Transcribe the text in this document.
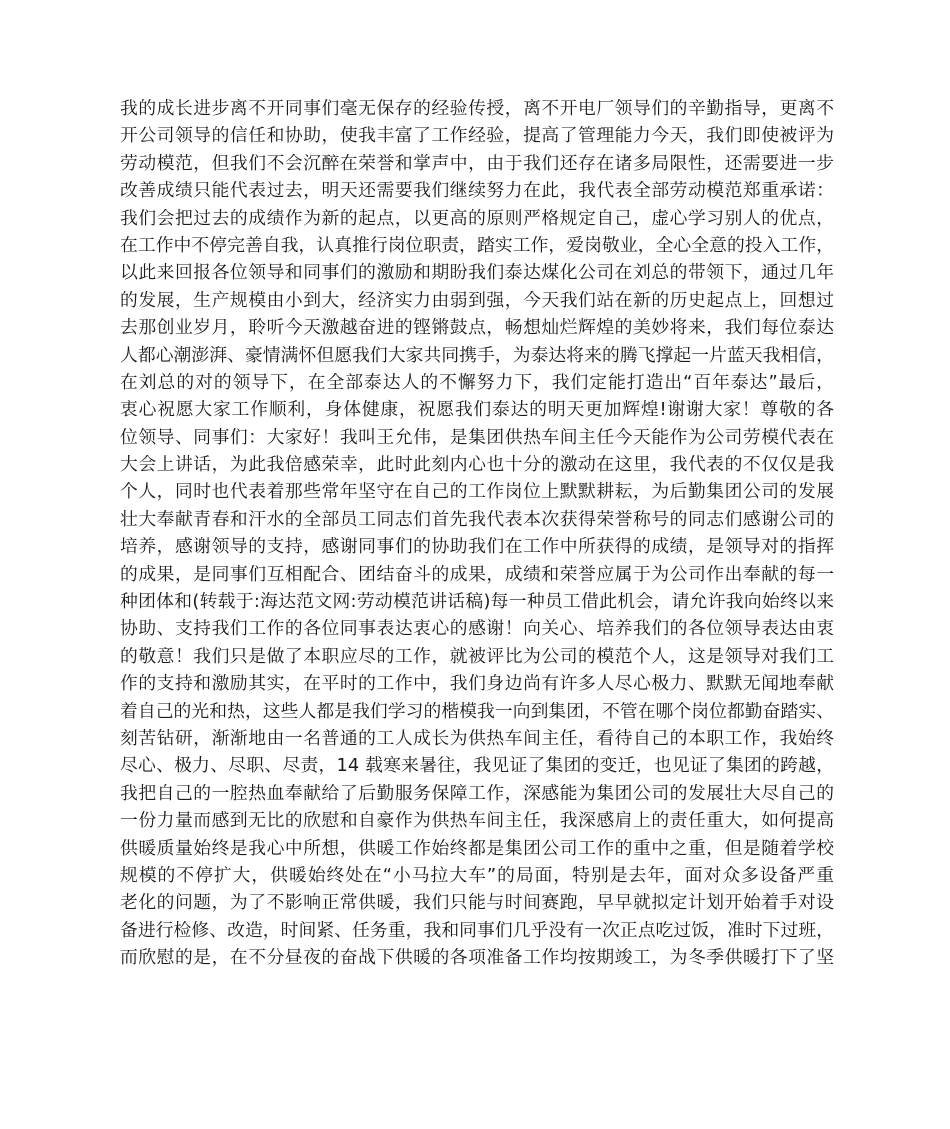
我的成长进步离不开同事们毫无保存的经验传授，离不开电厂领导们的辛勤指导，更离不
开公司领导的信任和协助，使我丰富了工作经验，提高了管理能力今天，我们即使被评为
劳动模范，但我们不会沉醉在荣誉和掌声中，由于我们还存在诸多局限性，还需要进一步
改善成绩只能代表过去，明天还需要我们继续努力在此，我代表全部劳动模范郑重承诺：
我们会把过去的成绩作为新的起点，以更高的原则严格规定自己，虚心学习别人的优点，
在工作中不停完善自我，认真推行岗位职责，踏实工作，爱岗敬业，全心全意的投入工作，
以此来回报各位领导和同事们的激励和期盼我们泰达煤化公司在刘总的带领下，通过几年
的发展，生产规模由小到大，经济实力由弱到强，今天我们站在新的历史起点上，回想过
去那创业岁月，聆听今天激越奋进的铿锵鼓点，畅想灿烂辉煌的美妙将来，我们每位泰达
人都心潮澎湃、豪情满怀但愿我们大家共同携手，为泰达将来的腾飞撑起一片蓝天我相信，
在刘总的对的领导下，在全部泰达人的不懈努力下，我们定能打造出“百年泰达”最后，
衷心祝愿大家工作顺利，身体健康，祝愿我们泰达的明天更加辉煌!谢谢大家！尊敬的各
位领导、同事们：大家好！我叫王允伟，是集团供热车间主任今天能作为公司劳模代表在
大会上讲话，为此我倍感荣幸，此时此刻内心也十分的激动在这里，我代表的不仅仅是我
个人，同时也代表着那些常年坚守在自己的工作岗位上默默耕耘，为后勤集团公司的发展
壮大奉献青春和汗水的全部员工同志们首先我代表本次获得荣誉称号的同志们感谢公司的
培养，感谢领导的支持，感谢同事们的协助我们在工作中所获得的成绩，是领导对的指挥
的成果，是同事们互相配合、团结奋斗的成果，成绩和荣誉应属于为公司作出奉献的每一
种团体和(转载于:海达范文网:劳动模范讲话稿)每一种员工借此机会，请允许我向始终以来
协助、支持我们工作的各位同事表达衷心的感谢！向关心、培养我们的各位领导表达由衷
的敬意！我们只是做了本职应尽的工作，就被评比为公司的模范个人，这是领导对我们工
作的支持和激励其实，在平时的工作中，我们身边尚有许多人尽心极力、默默无闻地奉献
着自己的光和热，这些人都是我们学习的楷模我一向到集团，不管在哪个岗位都勤奋踏实、
刻苦钻研，渐渐地由一名普通的工人成长为供热车间主任，看待自己的本职工作，我始终
尽心、极力、尽职、尽责，14 载寒来暑往，我见证了集团的变迁，也见证了集团的跨越，
我把自己的一腔热血奉献给了后勤服务保障工作，深感能为集团公司的发展壮大尽自己的
一份力量而感到无比的欣慰和自豪作为供热车间主任，我深感肩上的责任重大，如何提高
供暖质量始终是我心中所想，供暖工作始终都是集团公司工作的重中之重，但是随着学校
规模的不停扩大，供暖始终处在“小马拉大车”的局面，特别是去年，面对众多设备严重
老化的问题，为了不影响正常供暖，我们只能与时间赛跑，早早就拟定计划开始着手对设
备进行检修、改造，时间紧、任务重，我和同事们几乎没有一次正点吃过饭，准时下过班，
而欣慰的是，在不分昼夜的奋战下供暖的各项准备工作均按期竣工，为冬季供暖打下了坚
